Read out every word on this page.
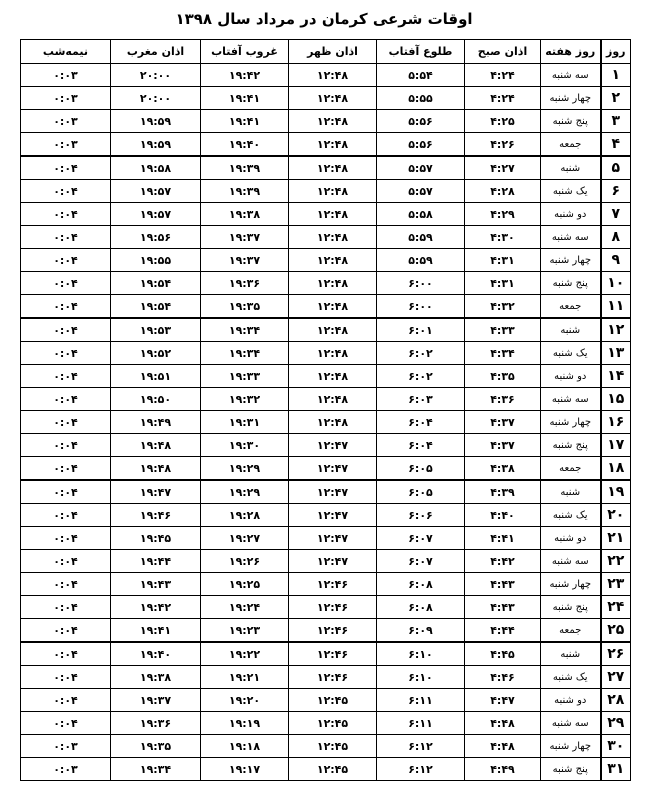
اوقات شرعی کرمان در مرداد سال ۱۳۹۸
روز	روز هفته	اذان صبح	طلوع آفتاب	اذان ظهر	غروب آفتاب	اذان مغرب	نیمه‌شب
۱	سه شنبه	۴:۲۴	۵:۵۴	۱۲:۴۸	۱۹:۴۲	۲۰:۰۰	۰:۰۳
۲	چهار شنبه	۴:۲۴	۵:۵۵	۱۲:۴۸	۱۹:۴۱	۲۰:۰۰	۰:۰۳
۳	پنج شنبه	۴:۲۵	۵:۵۶	۱۲:۴۸	۱۹:۴۱	۱۹:۵۹	۰:۰۳
۴	جمعه	۴:۲۶	۵:۵۶	۱۲:۴۸	۱۹:۴۰	۱۹:۵۹	۰:۰۳
۵	شنبه	۴:۲۷	۵:۵۷	۱۲:۴۸	۱۹:۳۹	۱۹:۵۸	۰:۰۴
۶	یک شنبه	۴:۲۸	۵:۵۷	۱۲:۴۸	۱۹:۳۹	۱۹:۵۷	۰:۰۴
۷	دو شنبه	۴:۲۹	۵:۵۸	۱۲:۴۸	۱۹:۳۸	۱۹:۵۷	۰:۰۴
۸	سه شنبه	۴:۳۰	۵:۵۹	۱۲:۴۸	۱۹:۳۷	۱۹:۵۶	۰:۰۴
۹	چهار شنبه	۴:۳۱	۵:۵۹	۱۲:۴۸	۱۹:۳۷	۱۹:۵۵	۰:۰۴
۱۰	پنج شنبه	۴:۳۱	۶:۰۰	۱۲:۴۸	۱۹:۳۶	۱۹:۵۴	۰:۰۴
۱۱	جمعه	۴:۳۲	۶:۰۰	۱۲:۴۸	۱۹:۳۵	۱۹:۵۴	۰:۰۴
۱۲	شنبه	۴:۳۳	۶:۰۱	۱۲:۴۸	۱۹:۳۴	۱۹:۵۳	۰:۰۴
۱۳	یک شنبه	۴:۳۴	۶:۰۲	۱۲:۴۸	۱۹:۳۴	۱۹:۵۲	۰:۰۴
۱۴	دو شنبه	۴:۳۵	۶:۰۲	۱۲:۴۸	۱۹:۳۳	۱۹:۵۱	۰:۰۴
۱۵	سه شنبه	۴:۳۶	۶:۰۳	۱۲:۴۸	۱۹:۳۲	۱۹:۵۰	۰:۰۴
۱۶	چهار شنبه	۴:۳۷	۶:۰۴	۱۲:۴۸	۱۹:۳۱	۱۹:۴۹	۰:۰۴
۱۷	پنج شنبه	۴:۳۷	۶:۰۴	۱۲:۴۷	۱۹:۳۰	۱۹:۴۸	۰:۰۴
۱۸	جمعه	۴:۳۸	۶:۰۵	۱۲:۴۷	۱۹:۲۹	۱۹:۴۸	۰:۰۴
۱۹	شنبه	۴:۳۹	۶:۰۵	۱۲:۴۷	۱۹:۲۹	۱۹:۴۷	۰:۰۴
۲۰	یک شنبه	۴:۴۰	۶:۰۶	۱۲:۴۷	۱۹:۲۸	۱۹:۴۶	۰:۰۴
۲۱	دو شنبه	۴:۴۱	۶:۰۷	۱۲:۴۷	۱۹:۲۷	۱۹:۴۵	۰:۰۴
۲۲	سه شنبه	۴:۴۲	۶:۰۷	۱۲:۴۷	۱۹:۲۶	۱۹:۴۴	۰:۰۴
۲۳	چهار شنبه	۴:۴۳	۶:۰۸	۱۲:۴۶	۱۹:۲۵	۱۹:۴۳	۰:۰۴
۲۴	پنج شنبه	۴:۴۳	۶:۰۸	۱۲:۴۶	۱۹:۲۴	۱۹:۴۲	۰:۰۴
۲۵	جمعه	۴:۴۴	۶:۰۹	۱۲:۴۶	۱۹:۲۳	۱۹:۴۱	۰:۰۴
۲۶	شنبه	۴:۴۵	۶:۱۰	۱۲:۴۶	۱۹:۲۲	۱۹:۴۰	۰:۰۴
۲۷	یک شنبه	۴:۴۶	۶:۱۰	۱۲:۴۶	۱۹:۲۱	۱۹:۳۸	۰:۰۴
۲۸	دو شنبه	۴:۴۷	۶:۱۱	۱۲:۴۵	۱۹:۲۰	۱۹:۳۷	۰:۰۴
۲۹	سه شنبه	۴:۴۸	۶:۱۱	۱۲:۴۵	۱۹:۱۹	۱۹:۳۶	۰:۰۴
۳۰	چهار شنبه	۴:۴۸	۶:۱۲	۱۲:۴۵	۱۹:۱۸	۱۹:۳۵	۰:۰۳
۳۱	پنج شنبه	۴:۴۹	۶:۱۲	۱۲:۴۵	۱۹:۱۷	۱۹:۳۴	۰:۰۳
